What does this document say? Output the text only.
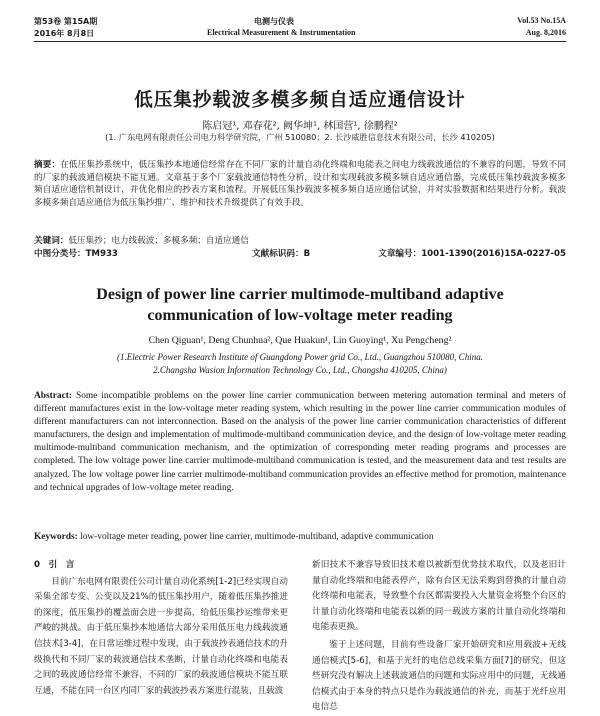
第53卷 第15A期	电测与仪表	Vol.53 No.15A
2016年 8月8日	Electrical Measurement & Instrumentation	Aug. 8,2016
低压集抄载波多模多频自适应通信设计
陈启冠¹, 邓春花², 阙华坤¹, 林国营¹, 徐鹏程²
(1. 广东电网有限责任公司电力科学研究院，广州 510080；2. 长沙威胜信息技术有限公司，长沙 410205)
摘要：在低压集抄系统中，低压集抄本地通信经常存在不同厂家的计量自动化终端和电能表之间电力线载波通信的不兼容的问题，导致不同的厂家的载波通信模块不能互通。文章基于多个厂家载波通信特性分析，设计和实现载波多模多频自适应通信器，完成低压集抄载波多模多频自适应通信机制设计，并优化相应的抄表方案和流程。开展低压集抄载波多模多频自适应通信试验，并对实验数据和结果进行分析。载波多模多频自适应通信为低压集抄推广、维护和技术升级提供了有效手段。
关键词：低压集抄；电力线载波；多模多频；自适应通信
中图分类号：TM933	文献标识码：B	文章编号：1001-1390(2016)15A-0227-05
Design of power line carrier multimode-multiband adaptive
communication of low-voltage meter reading
Chen Qiguan¹, Deng Chunhua², Que Huakun¹, Lin Guoying¹, Xu Pengcheng²
(1.Electric Power Research Institute of Guangdong Power grid Co., Ltd., Guangzhou 510080, China.
2.Changsha Wasion Information Technology Co., Ltd., Changsha 410205, China)
Abstract: Some incompatible problems on the power line carrier communication between metering automation terminal and meters of different manufactures exist in the low-voltage meter reading system, which resulting in the power line carrier communication modules of different manufacturers can not interconnection. Based on the analysis of the power line carrier communication characteristics of different manufacturers, the design and implementation of multimode-multiband communication device, and the design of low-voltage meter reading multimode-multiband communication mechanism, and the optimization of corresponding meter reading programs and processes are completed. The low voltage power line carrier multimode-multiband communication is tested, and the measurement data and test results are analyzed. The low voltage power line carrier multimode-multiband communication provides an effective method for promotion, maintenance and technical upgrades of low-voltage meter reading.
Keywords: low-voltage meter reading, power line carrier, multimode-multiband, adaptive communication
0　引　言
目前广东电网有限责任公司计量自动化系统[1-2]已经实现自动采集全部专变、公变以及21%的低压集抄用户，随着低压集抄推进的深度，低压集抄的覆盖面会进一步提高，给低压集抄运维带来更严峻的挑战。由于低压集抄本地通信大部分采用低压电力线载波通信技术[3-4]，在日常运维过程中发现，由于载波抄表通信技术的升级换代和不同厂家的载波通信技术垄断，计量自动化终端和电能表之间的载波通信经常不兼容，不同的厂家的载波通信模块不能互联互通，不能在同一台区内同厂家的载波抄表方案进行混装，且载波
新旧技术不兼容导致旧技术难以被新型优势技术取代，以及老旧计量自动化终端和电能表停产，除有台区无法采购到替换的计量自动化终端和电能表，导致整个台区都需要投入大量资金将整个台区的计量自动化终端和电能表以新的同一载波方案的计量自动化终端和电能表更换。
鉴于上述问题，目前有些设备厂家开始研究和应用载波+无线通信模式[5-6]，和基于光纤的电信总线采集方面[7]的研究，但这些研究没有解决上述载波通信的问题和实际应用中的问题，无线通信模式由于本身的特点只是作为载波通信的补充，而基于光纤应用电信总
